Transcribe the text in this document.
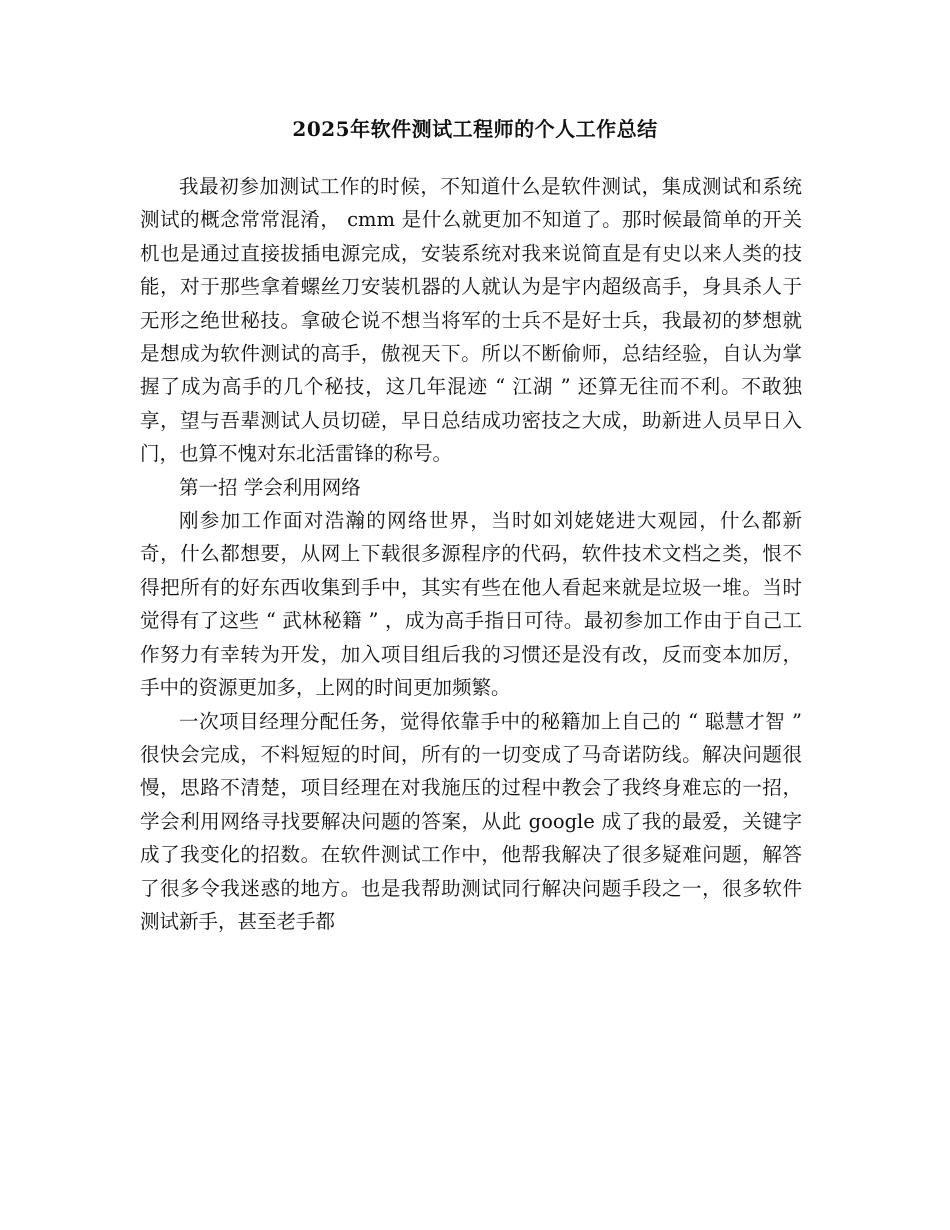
2025年软件测试工程师的个人工作总结

我最初参加测试工作的时候，不知道什么是软件测试，集成测试和系统测试的概念常常混淆， cmm 是什么就更加不知道了。那时候最简单的开关机也是通过直接拔插电源完成，安装系统对我来说简直是有史以来人类的技能，对于那些拿着螺丝刀安装机器的人就认为是宇内超级高手，身具杀人于无形之绝世秘技。拿破仑说不想当将军的士兵不是好士兵，我最初的梦想就是想成为软件测试的高手，傲视天下。所以不断偷师，总结经验，自认为掌握了成为高手的几个秘技，这几年混迹 “ 江湖 ” 还算无往而不利。不敢独享，望与吾辈测试人员切磋，早日总结成功密技之大成，助新进人员早日入门，也算不愧对东北活雷锋的称号。

第一招 学会利用网络

刚参加工作面对浩瀚的网络世界，当时如刘姥姥进大观园，什么都新奇，什么都想要，从网上下载很多源程序的代码，软件技术文档之类，恨不得把所有的好东西收集到手中，其实有些在他人看起来就是垃圾一堆。当时觉得有了这些 “ 武林秘籍 ” ，成为高手指日可待。最初参加工作由于自己工作努力有幸转为开发，加入项目组后我的习惯还是没有改，反而变本加厉，手中的资源更加多，上网的时间更加频繁。

一次项目经理分配任务，觉得依靠手中的秘籍加上自己的 “ 聪慧才智 ” 很快会完成，不料短短的时间，所有的一切变成了马奇诺防线。解决问题很慢，思路不清楚，项目经理在对我施压的过程中教会了我终身难忘的一招，学会利用网络寻找要解决问题的答案，从此 google 成了我的最爱，关键字成了我变化的招数。在软件测试工作中，他帮我解决了很多疑难问题，解答了很多令我迷惑的地方。也是我帮助测试同行解决问题手段之一，很多软件测试新手，甚至老手都
